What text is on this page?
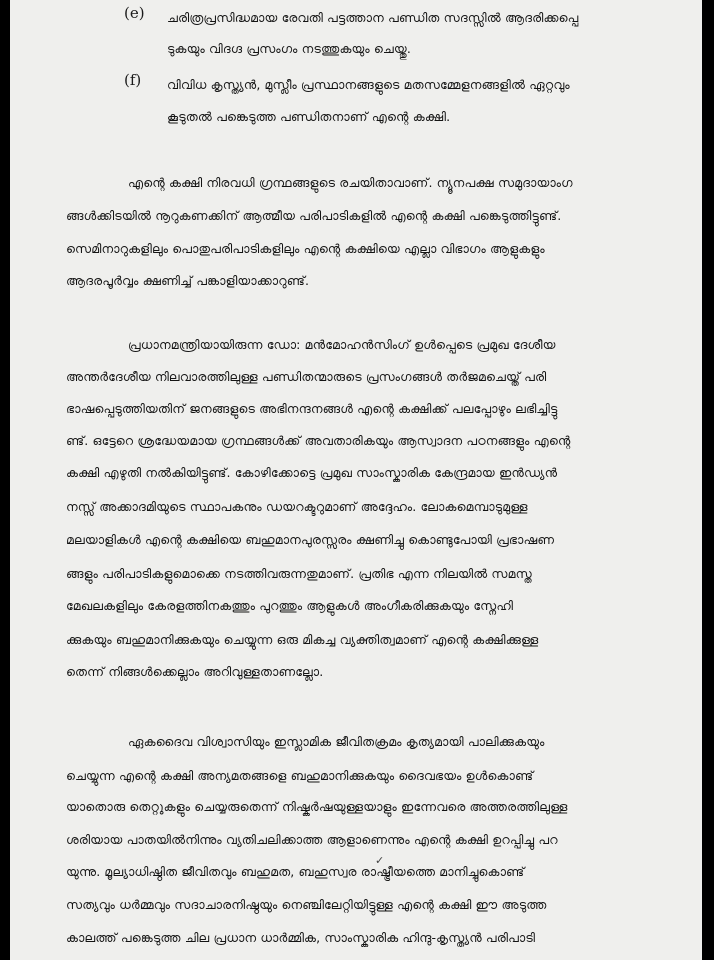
(e) ചരിത്രപ്രസിദ്ധമായ രേവതി പട്ടത്താന പണ്ഡിത സദസ്സിൽ ആദരിക്കപ്പെ
ടുകയും വിദഗ്ദ പ്രസംഗം നടത്തുകയും ചെയ്തു.
(f) വിവിധ കൃസ്ത്യൻ, മുസ്ലീം പ്രസ്ഥാനങ്ങളുടെ മതസമ്മേളനങ്ങളിൽ ഏറ്റവും
കൂടുതൽ പങ്കെടുത്ത പണ്ഡിതനാണ് എന്റെ കക്ഷി.
എന്റെ കക്ഷി നിരവധി ഗ്രന്ഥങ്ങളുടെ രചയിതാവാണ്. ന്യൂനപക്ഷ സമുദായാംഗ
ങ്ങൾക്കിടയിൽ നൂറുകണക്കിന് ആത്മീയ പരിപാടികളിൽ എന്റെ കക്ഷി പങ്കെടുത്തിട്ടുണ്ട്.
സെമിനാറുകളിലും പൊതുപരിപാടികളിലും എന്റെ കക്ഷിയെ എല്ലാ വിഭാഗം ആളുകളും
ആദരപൂർവ്വം ക്ഷണിച്ച് പങ്കാളിയാക്കാറുണ്ട്.
പ്രധാനമന്ത്രിയായിരുന്ന ഡോ: മൻമോഹൻസിംഗ് ഉൾപ്പെടെ പ്രമുഖ ദേശീയ
അന്തർദേശീയ നിലവാരത്തിലുള്ള പണ്ഡിതന്മാരുടെ പ്രസംഗങ്ങൾ തർജമചെയ്ത് പരി
ഭാഷപ്പെടുത്തിയതിന് ജനങ്ങളുടെ അഭിനന്ദനങ്ങൾ എന്റെ കക്ഷിക്ക് പലപ്പോഴും ലഭിച്ചിട്ടു
ണ്ട്. ഒട്ടേറെ ശ്രദ്ധേയമായ ഗ്രന്ഥങ്ങൾക്ക് അവതാരികയും ആസ്വാദന പഠനങ്ങളും എന്റെ
കക്ഷി എഴുതി നൽകിയിട്ടുണ്ട്. കോഴിക്കോട്ടെ പ്രമുഖ സാംസ്കാരിക കേന്ദ്രമായ ഇൻഡ്യൻ
നസ്സ് അക്കാദമിയുടെ സ്ഥാപകനും ഡയറക്ടറുമാണ് അദ്ദേഹം. ലോകമെമ്പാടുമുള്ള
മലയാളികൾ എന്റെ കക്ഷിയെ ബഹുമാനപുരസ്സരം ക്ഷണിച്ചു കൊണ്ടുപോയി പ്രഭാഷണ
ങ്ങളും പരിപാടികളുമൊക്കെ നടത്തിവരുന്നതുമാണ്. പ്രതിഭ എന്ന നിലയിൽ സമസ്ത
മേഖലകളിലും കേരളത്തിനകത്തും പുറത്തും ആളുകൾ അംഗീകരിക്കുകയും സ്നേഹി
ക്കുകയും ബഹുമാനിക്കുകയും ചെയ്യുന്ന ഒരു മികച്ച വ്യക്തിത്വമാണ് എന്റെ കക്ഷിക്കുള്ള
തെന്ന് നിങ്ങൾക്കെല്ലാം അറിവുള്ളതാണല്ലോ.
ഏകദൈവ വിശ്വാസിയും ഇസ്ലാമിക ജീവിതക്രമം കൃത്യമായി പാലിക്കുകയും
ചെയ്യുന്ന എന്റെ കക്ഷി അന്യമതങ്ങളെ ബഹുമാനിക്കുകയും ദൈവഭയം ഉൾകൊണ്ട്
യാതൊരു തെറ്റുകളും ചെയ്യരുതെന്ന് നിഷ്കർഷയുള്ളയാളും ഇന്നേവരെ അത്തരത്തിലുള്ള
ശരിയായ പാതയിൽനിന്നും വ്യതിചലിക്കാത്ത ആളാണെന്നും എന്റെ കക്ഷി ഉറപ്പിച്ചു പറ
യുന്നു. മൂല്യാധിഷ്ഠിത ജീവിതവും ബഹുമത, ബഹുസ്വര രാഷ്ട്രീയത്തെ മാനിച്ചുകൊണ്ട്
സത്യവും ധർമ്മവും സദാചാരനിഷ്ഠയും നെഞ്ചിലേറ്റിയിട്ടുള്ള എന്റെ കക്ഷി ഈ അടുത്ത
കാലത്ത് പങ്കെടുത്ത ചില പ്രധാന ധാർമ്മിക, സാംസ്കാരിക ഹിന്ദു-കൃസ്ത്യൻ പരിപാടി
✓
